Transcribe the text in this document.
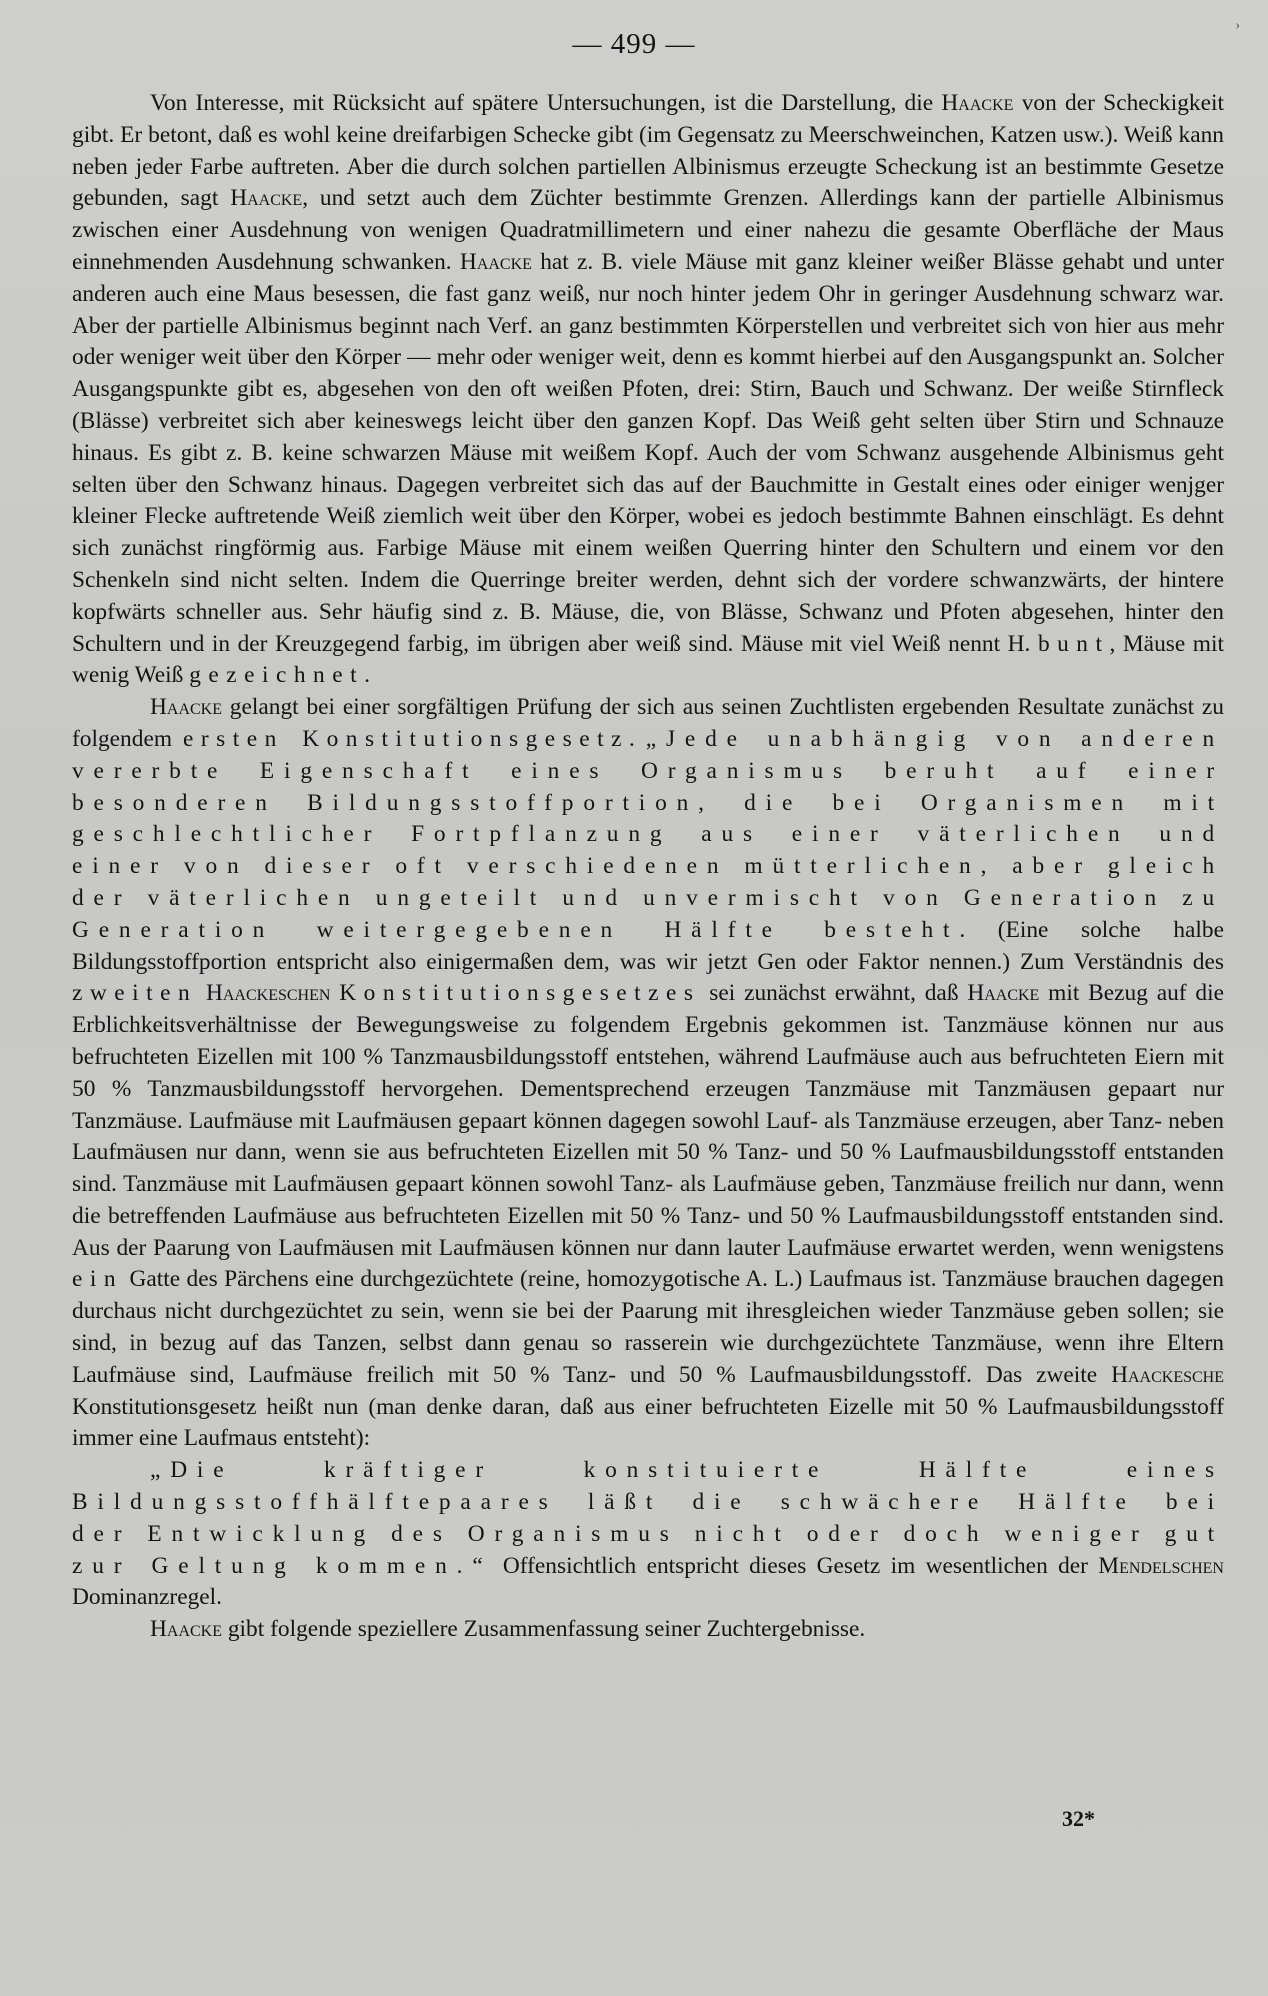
— 499 —
›

Von Interesse, mit Rücksicht auf spätere Untersuchungen, ist die Darstellung, die Haacke von der Scheckigkeit gibt. Er betont, daß es wohl keine dreifarbigen Schecke gibt (im Gegensatz zu Meerschweinchen, Katzen usw.). Weiß kann neben jeder Farbe auftreten. Aber die durch solchen partiellen Albinismus erzeugte Scheckung ist an bestimmte Gesetze gebunden, sagt Haacke, und setzt auch dem Züchter bestimmte Grenzen. Allerdings kann der partielle Albinismus zwischen einer Ausdehnung von wenigen Quadratmillimetern und einer nahezu die gesamte Oberfläche der Maus einnehmenden Ausdehnung schwanken. Haacke hat z. B. viele Mäuse mit ganz kleiner weißer Blässe gehabt und unter anderen auch eine Maus besessen, die fast ganz weiß, nur noch hinter jedem Ohr in geringer Ausdehnung schwarz war. Aber der partielle Albinismus beginnt nach Verf. an ganz bestimmten Körperstellen und verbreitet sich von hier aus mehr oder weniger weit über den Körper — mehr oder weniger weit, denn es kommt hierbei auf den Ausgangspunkt an. Solcher Ausgangspunkte gibt es, abgesehen von den oft weißen Pfoten, drei: Stirn, Bauch und Schwanz. Der weiße Stirnfleck (Blässe) verbreitet sich aber keineswegs leicht über den ganzen Kopf. Das Weiß geht selten über Stirn und Schnauze hinaus. Es gibt z. B. keine schwarzen Mäuse mit weißem Kopf. Auch der vom Schwanz ausgehende Albinismus geht selten über den Schwanz hinaus. Dagegen verbreitet sich das auf der Bauchmitte in Gestalt eines oder einiger wenjger kleiner Flecke auftretende Weiß ziemlich weit über den Körper, wobei es jedoch bestimmte Bahnen einschlägt. Es dehnt sich zunächst ringförmig aus. Farbige Mäuse mit einem weißen Querring hinter den Schultern und einem vor den Schenkeln sind nicht selten. Indem die Querringe breiter werden, dehnt sich der vordere schwanzwärts, der hintere kopfwärts schneller aus. Sehr häufig sind z. B. Mäuse, die, von Blässe, Schwanz und Pfoten abgesehen, hinter den Schultern und in der Kreuzgegend farbig, im übrigen aber weiß sind. Mäuse mit viel Weiß nennt H. bunt, Mäuse mit wenig Weiß gezeichnet.

Haacke gelangt bei einer sorgfältigen Prüfung der sich aus seinen Zuchtlisten ergebenden Resultate zunächst zu folgendem ersten Konstitutionsgesetz. „Jede unabhängig von anderen vererbte Eigenschaft eines Organismus beruht auf einer besonderen Bildungsstoffportion, die bei Organismen mit geschlechtlicher Fortpflanzung aus einer väterlichen und einer von dieser oft verschiedenen mütterlichen, aber gleich der väterlichen ungeteilt und unvermischt von Generation zu Generation weitergegebenen Hälfte besteht. (Eine solche halbe Bildungsstoffportion entspricht also einigermaßen dem, was wir jetzt Gen oder Faktor nennen.) Zum Verständnis des zweiten Haackeschen Konstitutionsgesetzes sei zunächst erwähnt, daß Haacke mit Bezug auf die Erblichkeitsverhältnisse der Bewegungsweise zu folgendem Ergebnis gekommen ist. Tanzmäuse können nur aus befruchteten Eizellen mit 100 % Tanzmausbildungsstoff entstehen, während Laufmäuse auch aus befruchteten Eiern mit 50 % Tanzmausbildungsstoff hervorgehen. Dementsprechend erzeugen Tanzmäuse mit Tanzmäusen gepaart nur Tanzmäuse. Laufmäuse mit Laufmäusen gepaart können dagegen sowohl Lauf- als Tanzmäuse erzeugen, aber Tanz- neben Laufmäusen nur dann, wenn sie aus befruchteten Eizellen mit 50 % Tanz- und 50 % Laufmausbildungsstoff entstanden sind. Tanzmäuse mit Laufmäusen gepaart können sowohl Tanz- als Laufmäuse geben, Tanzmäuse freilich nur dann, wenn die betreffenden Laufmäuse aus befruchteten Eizellen mit 50 % Tanz- und 50 % Laufmausbildungsstoff entstanden sind. Aus der Paarung von Laufmäusen mit Laufmäusen können nur dann lauter Laufmäuse erwartet werden, wenn wenigstens ein Gatte des Pärchens eine durchgezüchtete (reine, homozygotische A. L.) Laufmaus ist. Tanzmäuse brauchen dagegen durchaus nicht durchgezüchtet zu sein, wenn sie bei der Paarung mit ihresgleichen wieder Tanzmäuse geben sollen; sie sind, in bezug auf das Tanzen, selbst dann genau so rasserein wie durchgezüchtete Tanzmäuse, wenn ihre Eltern Laufmäuse sind, Laufmäuse freilich mit 50 % Tanz- und 50 % Laufmausbildungsstoff. Das zweite Haackesche Konstitutionsgesetz heißt nun (man denke daran, daß aus einer befruchteten Eizelle mit 50 % Laufmausbildungsstoff immer eine Laufmaus entsteht):

„Die kräftiger konstituierte Hälfte eines Bildungsstoffhälftepaares läßt die schwächere Hälfte bei der Entwicklung des Organismus nicht oder doch weniger gut zur Geltung kommen.“ Offensichtlich entspricht dieses Gesetz im wesentlichen der Mendelschen Dominanzregel.

Haacke gibt folgende speziellere Zusammenfassung seiner Zuchtergebnisse.

32*
